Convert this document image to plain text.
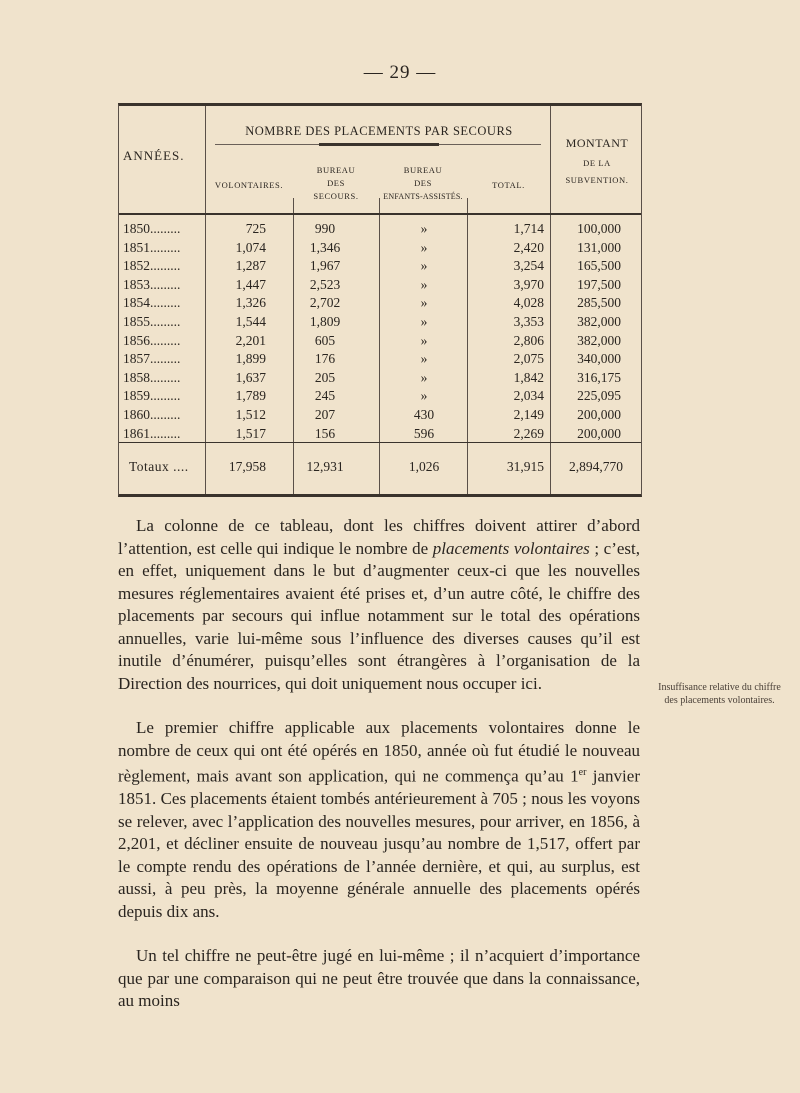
— 29 —
ANNÉES.
NOMBRE DES PLACEMENTS PAR SECOURS
MONTANT
DE LA
SUBVENTION.
VOLONTAIRES.
BUREAU
DES
SECOURS.
BUREAU
DES
ENFANTS-ASSISTÉS.
TOTAL.
1850.........	725	990	»	1,714	100,000
1851.........	1,074	1,346	»	2,420	131,000
1852.........	1,287	1,967	»	3,254	165,500
1853.........	1,447	2,523	»	3,970	197,500
1854.........	1,326	2,702	»	4,028	285,500
1855.........	1,544	1,809	»	3,353	382,000
1856.........	2,201	605	»	2,806	382,000
1857.........	1,899	176	»	2,075	340,000
1858.........	1,637	205	»	1,842	316,175
1859.........	1,789	245	»	2,034	225,095
1860.........	1,512	207	430	2,149	200,000
1861.........	1,517	156	596	2,269	200,000
Totaux ....	17,958	12,931	1,026	31,915	2,894,770

La colonne de ce tableau, dont les chiffres doivent attirer d’abord l’attention, est celle qui indique le nombre de placements volontaires ; c’est, en effet, uniquement dans le but d’augmenter ceux-ci que les nouvelles mesures réglementaires avaient été prises et, d’un autre côté, le chiffre des placements par secours qui influe notamment sur le total des opérations annuelles, varie lui-même sous l’influence des diverses causes qu’il est inutile d’énumérer, puisqu’elles sont étrangères à l’organisation de la Direction des nourrices, qui doit uniquement nous occuper ici.

Le premier chiffre applicable aux placements volontaires donne le nombre de ceux qui ont été opérés en 1850, année où fut étudié le nouveau règlement, mais avant son application, qui ne commença qu’au 1er janvier 1851. Ces placements étaient tombés antérieurement à 705 ; nous les voyons se relever, avec l’application des nouvelles mesures, pour arriver, en 1856, à 2,201, et décliner ensuite de nouveau jusqu’au nombre de 1,517, offert par le compte rendu des opérations de l’année dernière, et qui, au surplus, est aussi, à peu près, la moyenne générale annuelle des placements opérés depuis dix ans.

Un tel chiffre ne peut-être jugé en lui-même ; il n’acquiert d’importance que par une comparaison qui ne peut être trouvée que dans la connaissance, au moins

Insuffisance relative du chiffre des placements volontaires.
